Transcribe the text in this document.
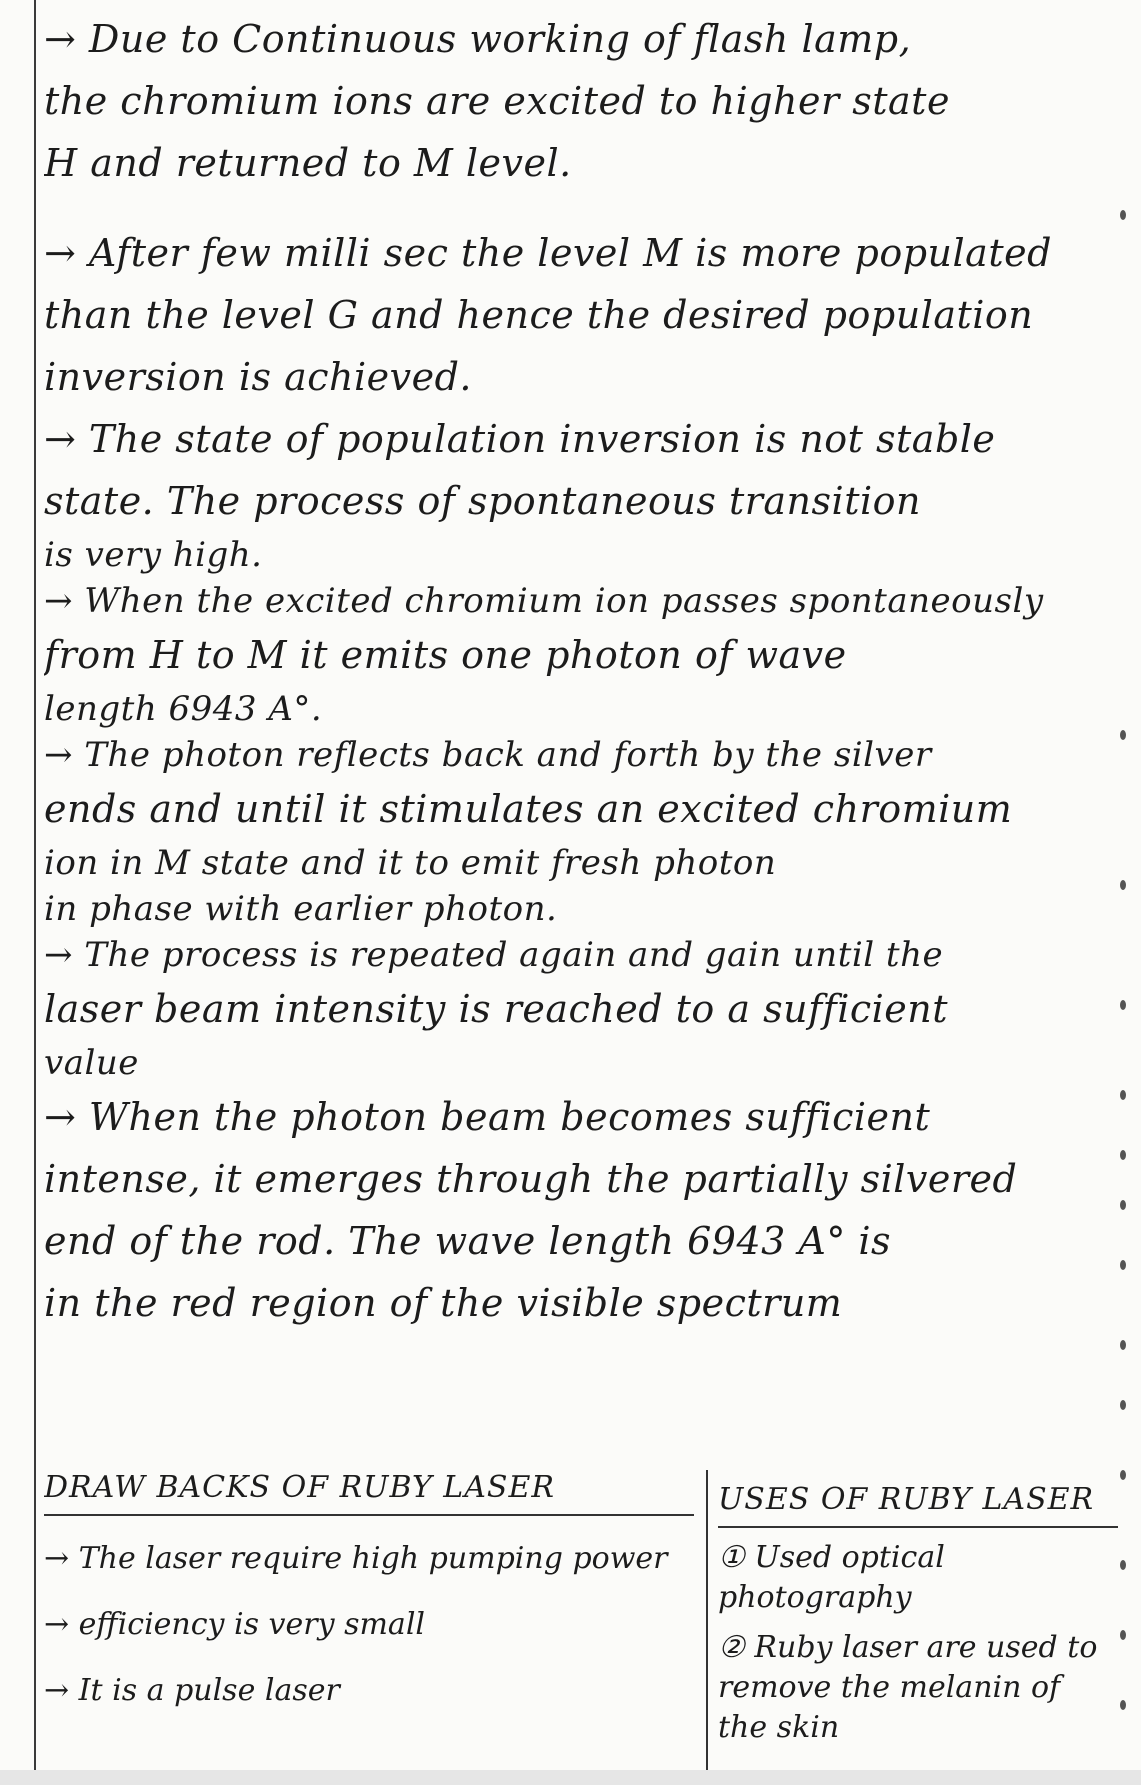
→ Due to Continuous working of flash lamp,
the chromium ions are excited to higher state
H and returned to M level.
→ After few milli sec the level M is more populated
than the level G and hence the desired population
inversion is achieved.
→ The state of population inversion is not stable
state. The process of spontaneous transition
is very high.
→ When the excited chromium ion passes spontaneously
from H to M it emits one photon of wave
length 6943 A°.
→ The photon reflects back and forth by the silver
ends and until it stimulates an excited chromium
ion in M state and it to emit fresh photon
in phase with earlier photon.
→ The process is repeated again and gain until the
laser beam intensity is reached to a sufficient
value
→ When the photon beam becomes sufficient
intense, it emerges through the partially silvered
end of the rod. The wave length 6943 A° is
in the red region of the visible spectrum
DRAW BACKS OF RUBY LASER
→ The laser require high pumping power
→ efficiency is very small
→ It is a pulse laser
USES OF RUBY LASER
① Used optical photography
② Ruby laser are used to remove the melanin of the skin
